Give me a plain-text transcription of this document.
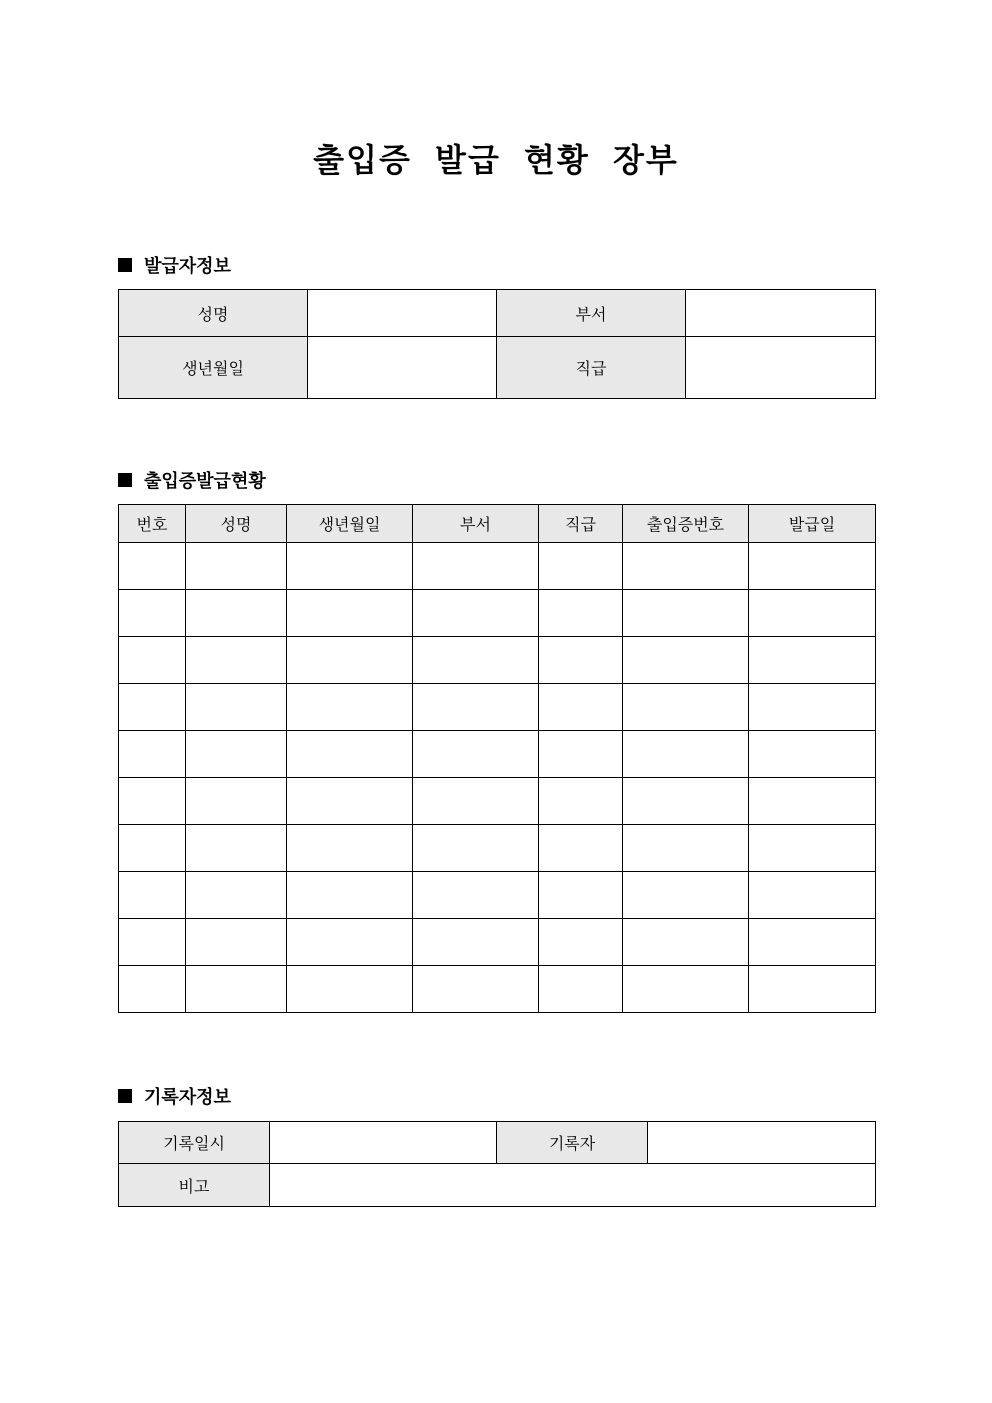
출입증 발급 현황 장부
발급자정보
성명		부서	
생년월일		직급	
출입증발급현황
번호	성명	생년월일	부서	직급	출입증번호	발급일

기록자정보
기록일시		기록자	
비고			
